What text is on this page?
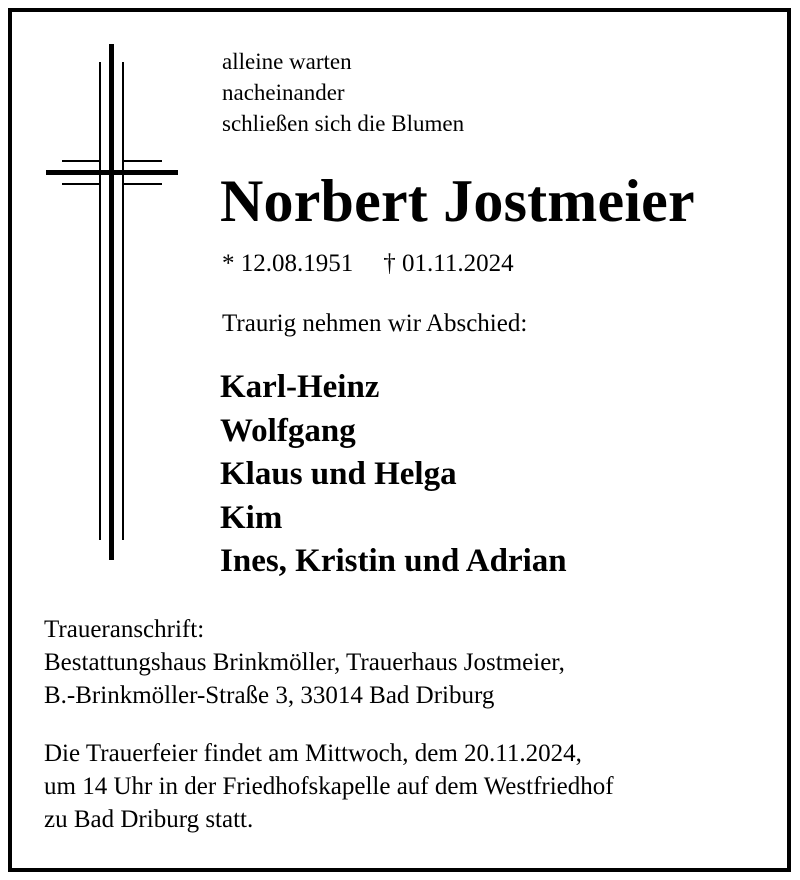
alleine warten
nacheinander
schließen sich die Blumen
Norbert Jostmeier
* 12.08.1951 † 01.11.2024
Traurig nehmen wir Abschied:
Karl-Heinz
Wolfgang
Klaus und Helga
Kim
Ines, Kristin und Adrian
Traueranschrift:
Bestattungshaus Brinkmöller, Trauerhaus Jostmeier,
B.-Brinkmöller-Straße 3, 33014 Bad Driburg
Die Trauerfeier findet am Mittwoch, dem 20.11.2024,
um 14 Uhr in der Friedhofskapelle auf dem Westfriedhof
zu Bad Driburg statt.
